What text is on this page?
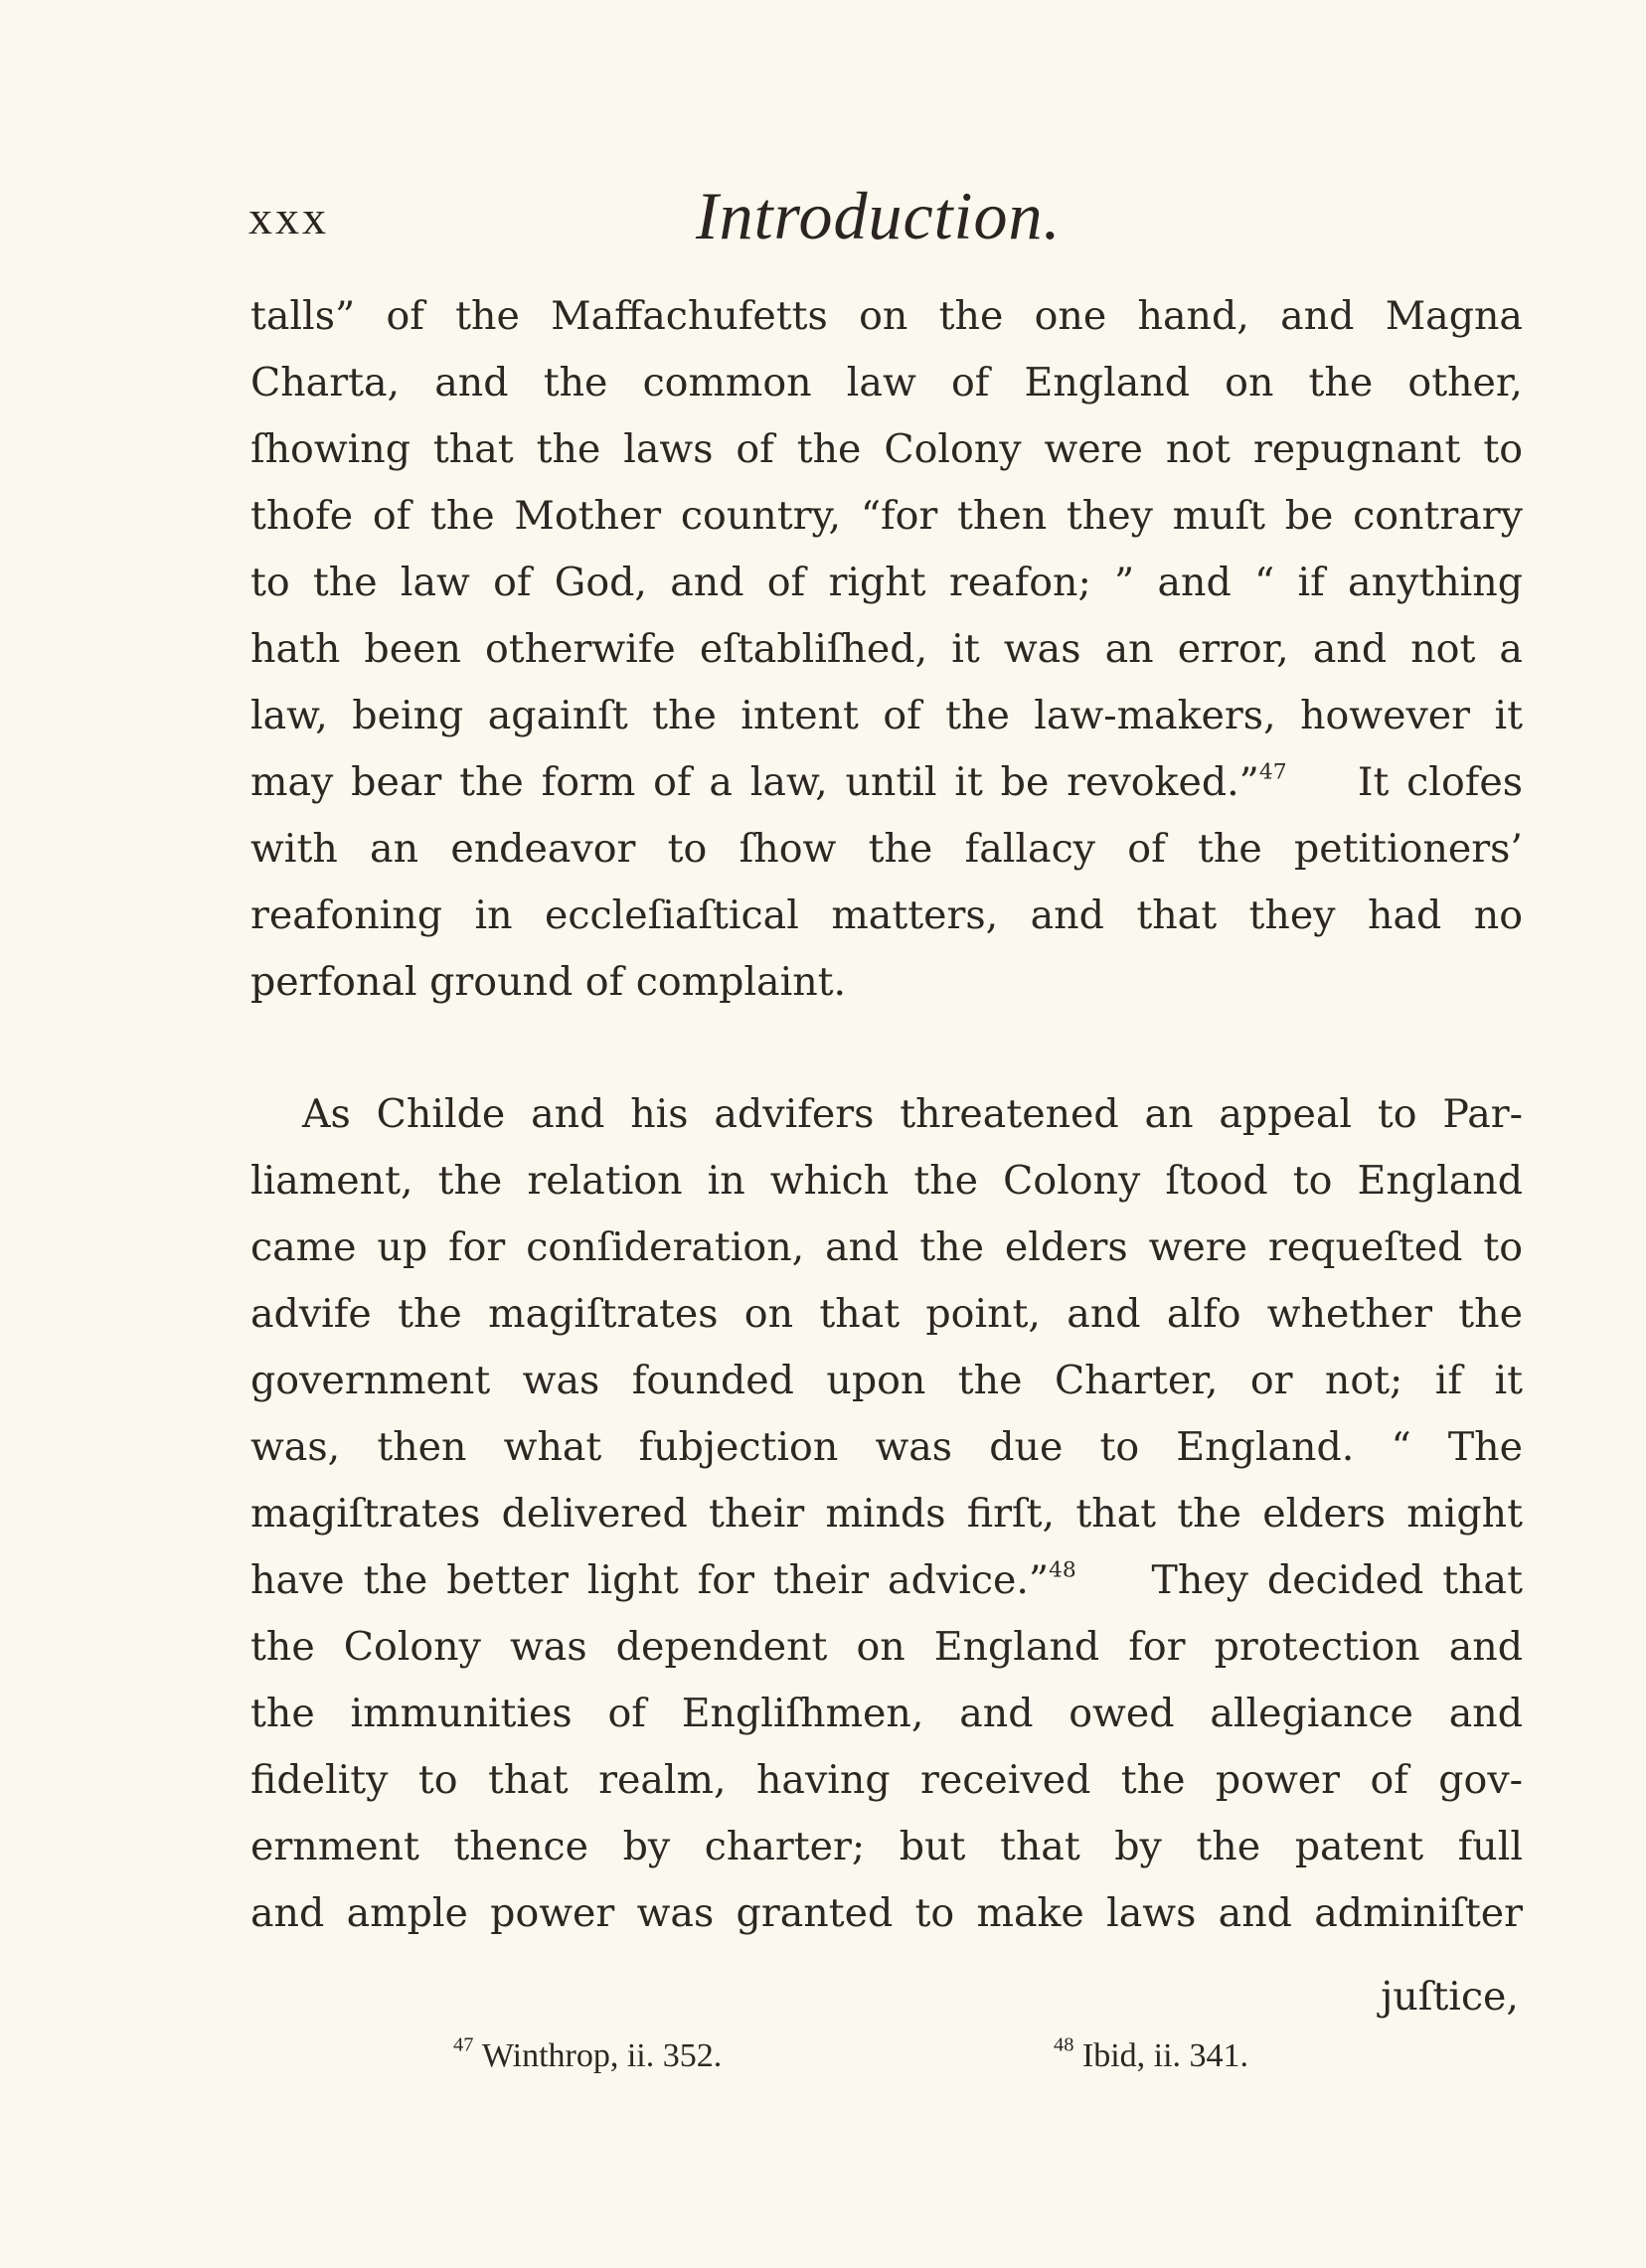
xxx	Introduction.
talls” of the Maffachufetts on the one hand, and Magna
Charta, and the common law of England on the other,
ſhowing that the laws of the Colony were not repugnant to
thofe of the Mother country, “for then they muſt be contrary
to the law of God, and of right reafon; ” and “ if anything
hath been otherwife eſtabliſhed, it was an error, and not a
law, being againſt the intent of the law-makers, however it
may bear the form of a law, until it be revoked.”$^{47}$ It clofes
with an endeavor to ſhow the fallacy of the petitioners’
reafoning in eccleſiaſtical matters, and that they had no
perfonal ground of complaint.
As Childe and his advifers threatened an appeal to Par-
liament, the relation in which the Colony ſtood to England
came up for conſideration, and the elders were requeſted to
advife the magiſtrates on that point, and alfo whether the
government was founded upon the Charter, or not; if it
was, then what fubjection was due to England. “ The
magiſtrates delivered their minds firſt, that the elders might
have the better light for their advice.”$^{48}$ They decided that
the Colony was dependent on England for protection and
the immunities of Engliſhmen, and owed allegiance and
fidelity to that realm, having received the power of gov-
ernment thence by charter; but that by the patent full
and ample power was granted to make laws and adminiſter
juſtice,
$^{47}$ Winthrop, ii. 352.	$^{48}$ Ibid, ii. 341.
